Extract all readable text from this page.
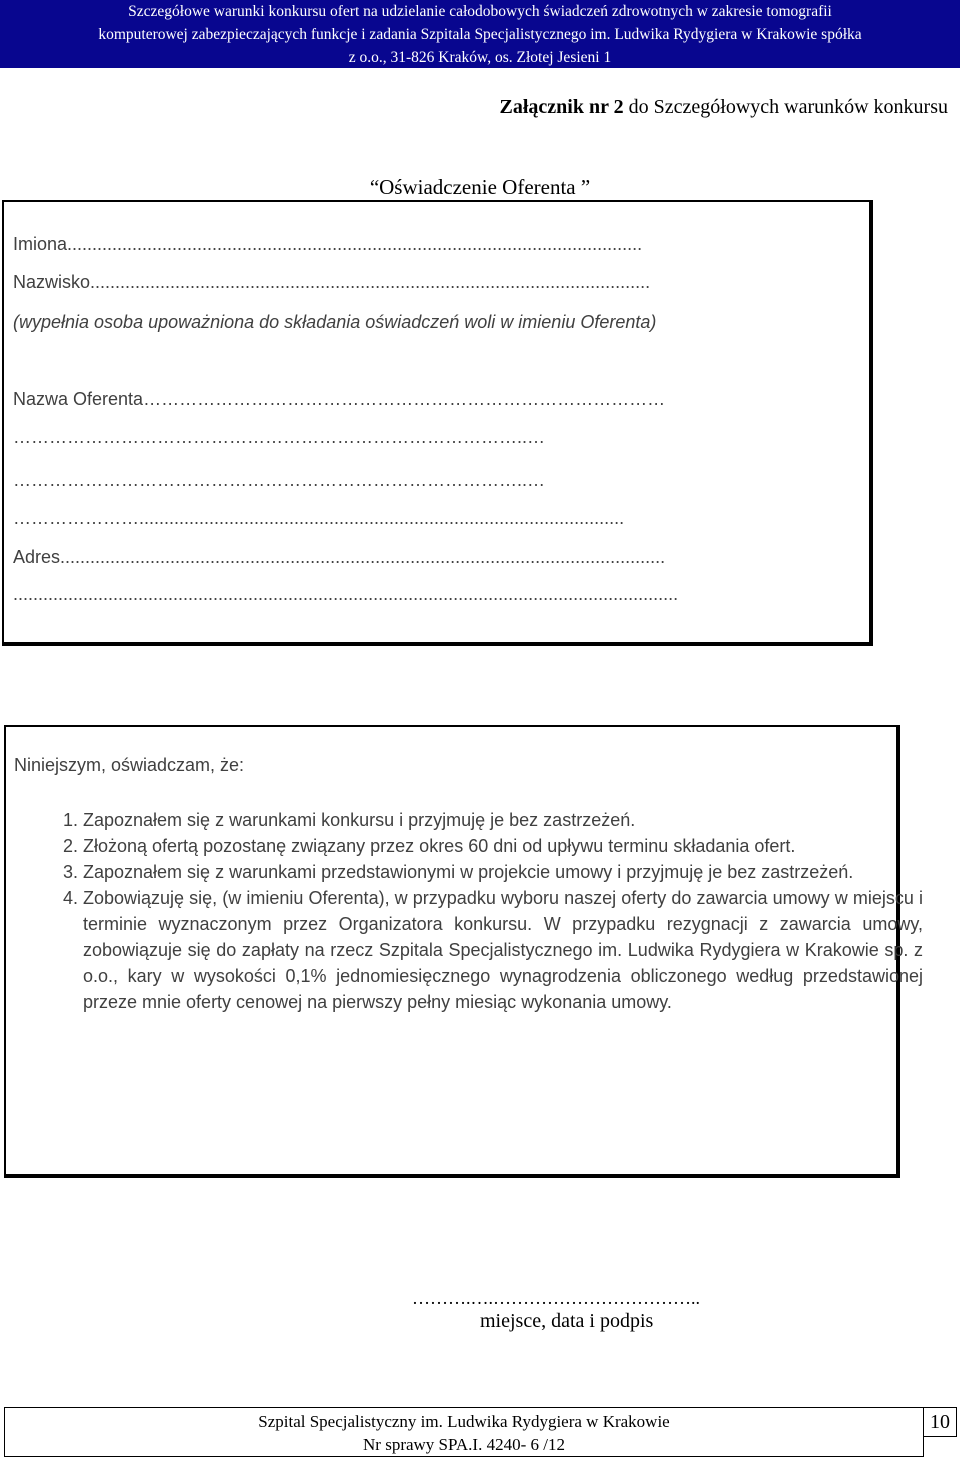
Szczegółowe warunki konkursu ofert na udzielanie całodobowych świadczeń zdrowotnych w zakresie tomografii
komputerowej zabezpieczających funkcje i zadania Szpitala Specjalistycznego im. Ludwika Rydygiera w Krakowie spółka
z o.o., 31-826 Kraków, os. Złotej Jesieni 1
Załącznik nr 2 do Szczegółowych warunków konkursu
“Oświadczenie Oferenta ”
Imiona...................................................................................................................
Nazwisko................................................................................................................
(wypełnia osoba upoważniona do składania oświadczeń woli w imieniu Oferenta)
Nazwa Oferenta……………………………………………………………………………
…………………………………………………………………………..…
…………………………………………………………………………..…
………………….................................................................................................
Adres.........................................................................................................................
.....................................................................................................................................
Niniejszym, oświadczam, że:
1. Zapoznałem się z warunkami konkursu i przyjmuję je bez zastrzeżeń.
2. Złożoną ofertą pozostanę związany przez okres 60 dni od upływu terminu składania ofert.
3. Zapoznałem się z warunkami przedstawionymi w projekcie umowy i przyjmuję je bez zastrzeżeń.
4. Zobowiązuję się, (w imieniu Oferenta), w przypadku wyboru naszej oferty do zawarcia umowy w miejscu i terminie wyznaczonym przez Organizatora konkursu. W przypadku rezygnacji z zawarcia umowy, zobowiązuje się do zapłaty na rzecz Szpitala Specjalistycznego im. Ludwika Rydygiera w Krakowie sp. z o.o., kary w wysokości 0,1% jednomiesięcznego wynagrodzenia obliczonego według przedstawionej przeze mnie oferty cenowej na pierwszy pełny miesiąc wykonania umowy.
……….….……………………………..
miejsce, data i podpis
Szpital Specjalistyczny im. Ludwika Rydygiera w Krakowie
Nr sprawy SPA.I. 4240- 6 /12
10
